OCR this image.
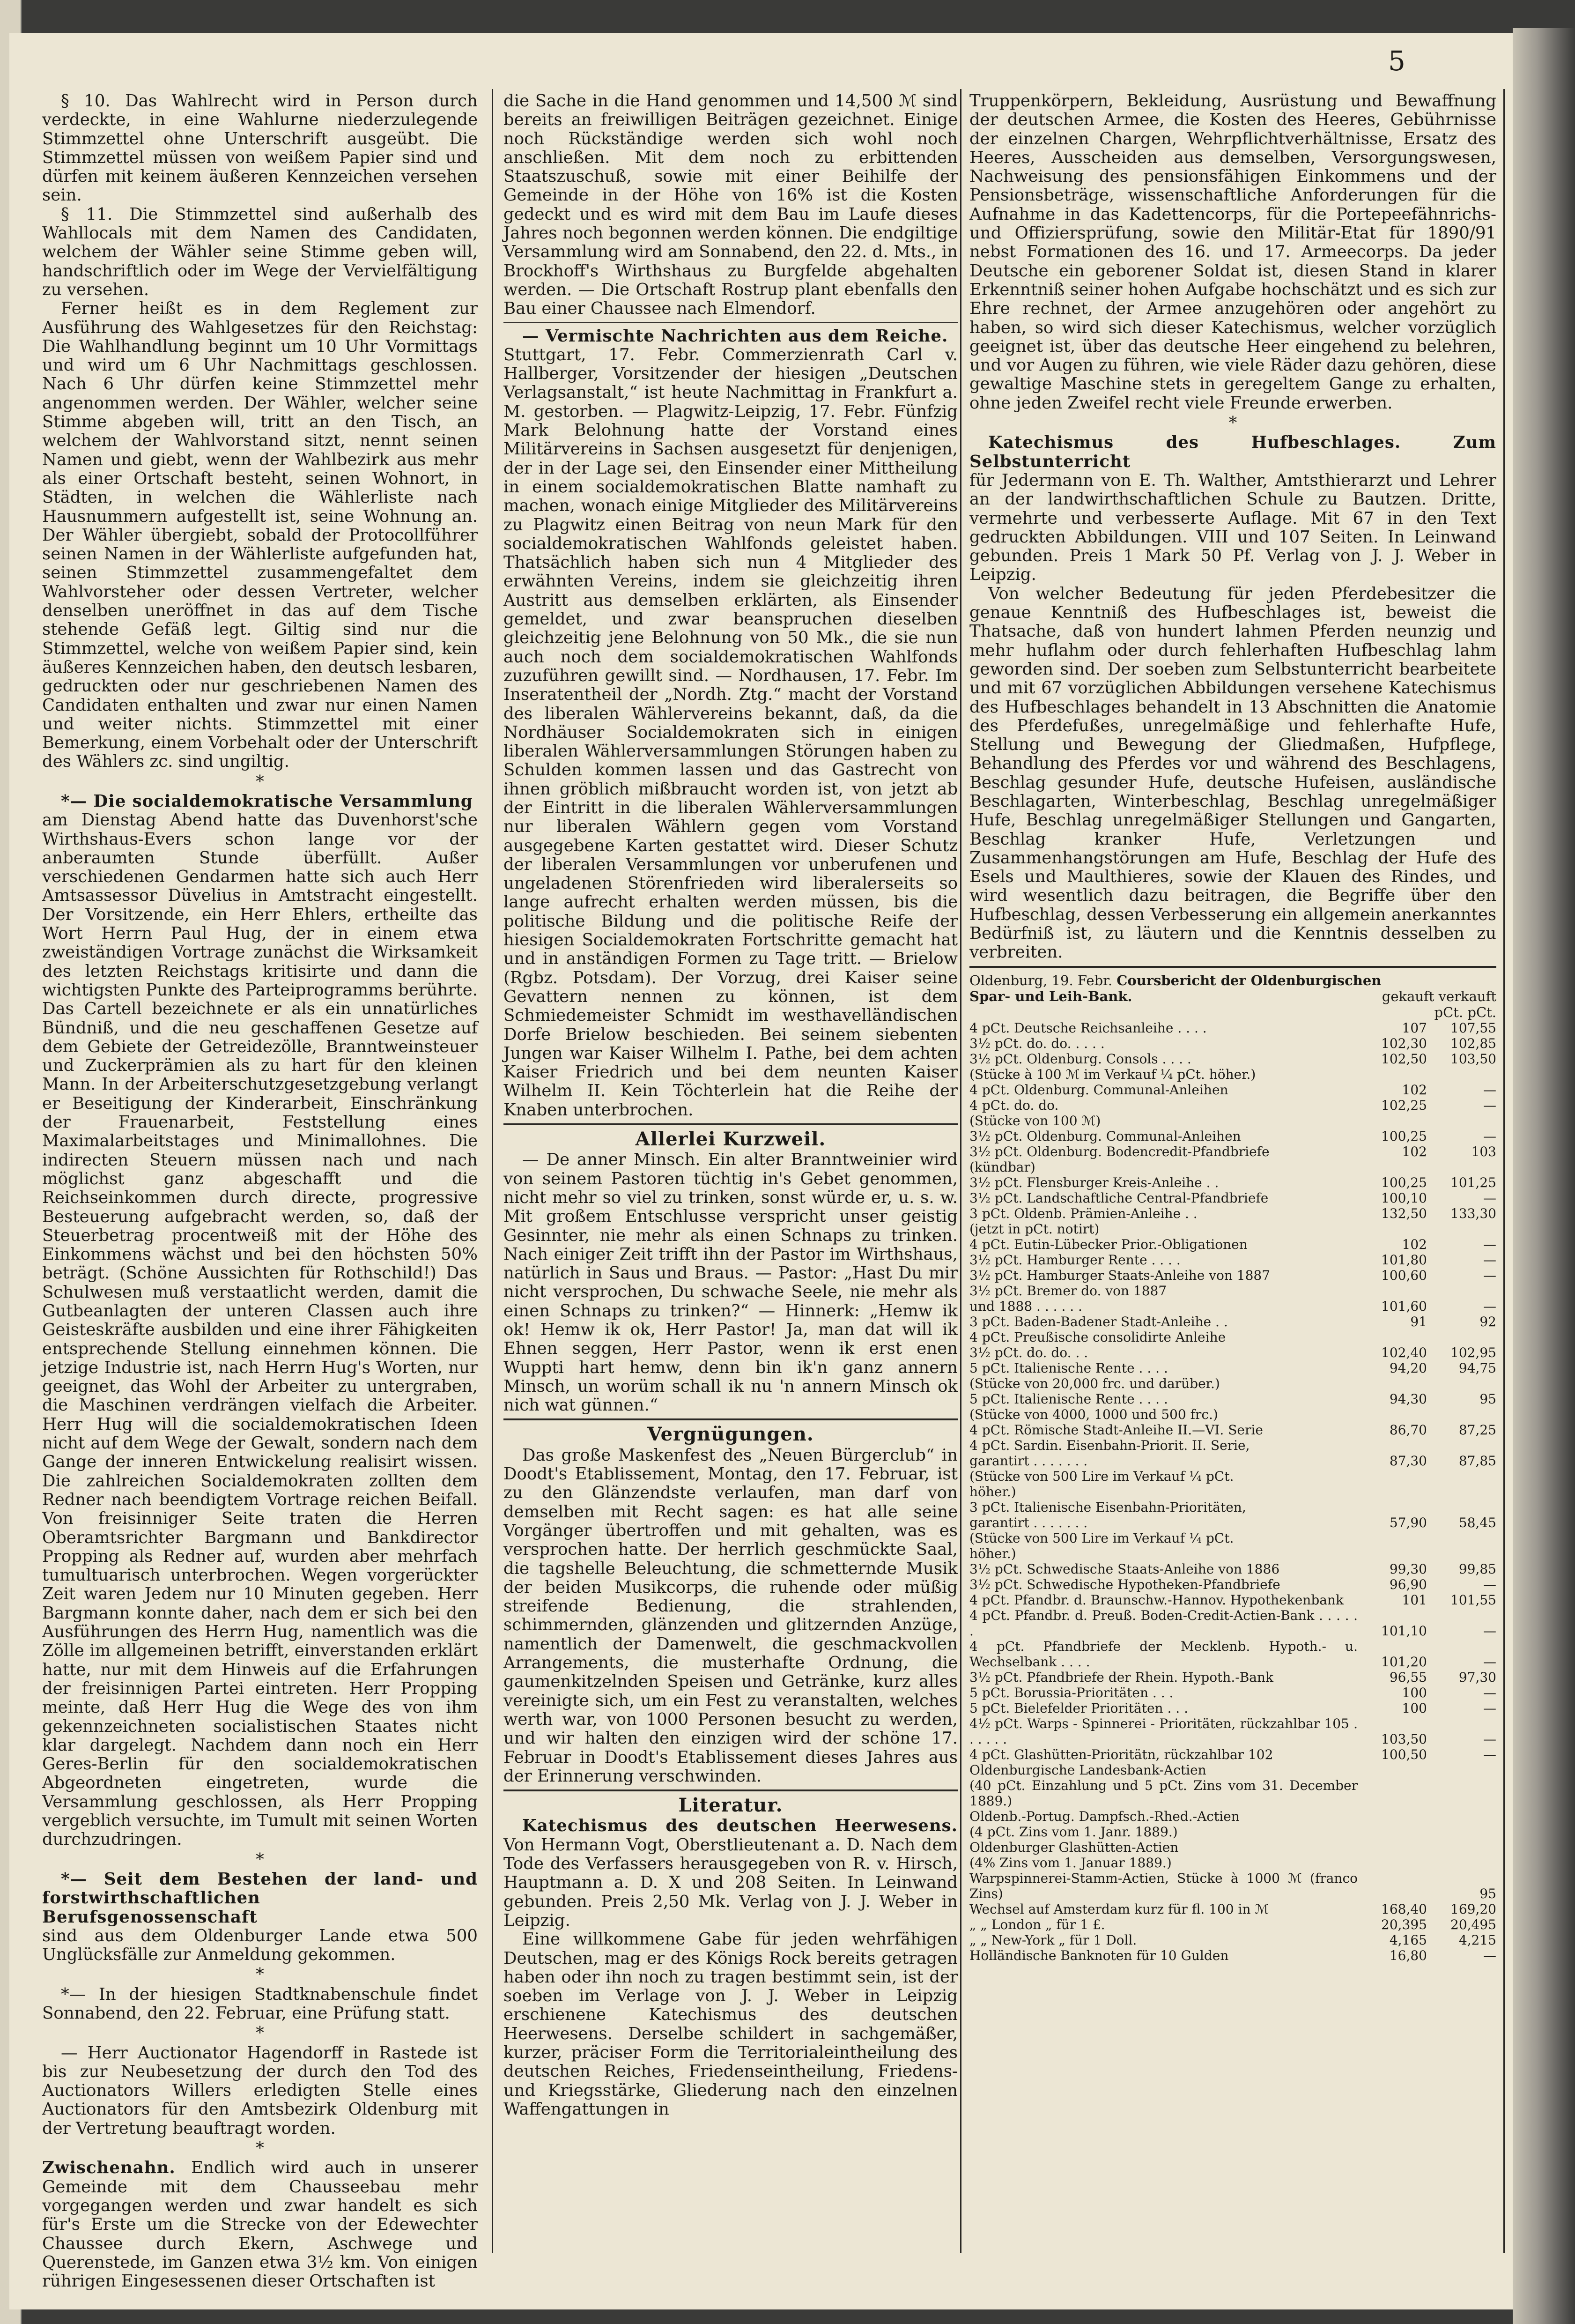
5

§ 10. Das Wahlrecht wird in Person durch verdeckte, in eine Wahlurne niederzulegende Stimmzettel ohne Unterschrift ausgeübt. Die Stimmzettel müssen von weißem Papier sind und dürfen mit keinem äußeren Kennzeichen versehen sein.

§ 11. Die Stimmzettel sind außerhalb des Wahllocals mit dem Namen des Candidaten, welchem der Wähler seine Stimme geben will, handschriftlich oder im Wege der Vervielfältigung zu versehen.

Ferner heißt es in dem Reglement zur Ausführung des Wahlgesetzes für den Reichstag: Die Wahlhandlung beginnt um 10 Uhr Vormittags und wird um 6 Uhr Nachmittags geschlossen. Nach 6 Uhr dürfen keine Stimmzettel mehr angenommen werden. Der Wähler, welcher seine Stimme abgeben will, tritt an den Tisch, an welchem der Wahlvorstand sitzt, nennt seinen Namen und giebt, wenn der Wahlbezirk aus mehr als einer Ortschaft besteht, seinen Wohnort, in Städten, in welchen die Wählerliste nach Hausnummern aufgestellt ist, seine Wohnung an. Der Wähler übergiebt, sobald der Protocollführer seinen Namen in der Wählerliste aufgefunden hat, seinen Stimmzettel zusammengefaltet dem Wahlvorsteher oder dessen Vertreter, welcher denselben uneröffnet in das auf dem Tische stehende Gefäß legt. Giltig sind nur die Stimmzettel, welche von weißem Papier sind, kein äußeres Kennzeichen haben, den deutsch lesbaren, gedruckten oder nur geschriebenen Namen des Candidaten enthalten und zwar nur einen Namen und weiter nichts. Stimmzettel mit einer Bemerkung, einem Vorbehalt oder der Unterschrift des Wählers zc. sind ungiltig.

*

*— Die socialdemokratische Versammlung

am Dienstag Abend hatte das Duvenhorst'sche Wirthshaus-Evers schon lange vor der anberaumten Stunde überfüllt. Außer verschiedenen Gendarmen hatte sich auch Herr Amtsassessor Düvelius in Amtstracht eingestellt. Der Vorsitzende, ein Herr Ehlers, ertheilte das Wort Herrn Paul Hug, der in einem etwa zweiständigen Vortrage zunächst die Wirksamkeit des letzten Reichstags kritisirte und dann die wichtigsten Punkte des Parteiprogramms berührte. Das Cartell bezeichnete er als ein unnatürliches Bündniß, und die neu geschaffenen Gesetze auf dem Gebiete der Getreidezölle, Branntweinsteuer und Zuckerprämien als zu hart für den kleinen Mann. In der Arbeiterschutzgesetzgebung verlangt er Beseitigung der Kinderarbeit, Einschränkung der Frauenarbeit, Feststellung eines Maximalarbeitstages und Minimallohnes. Die indirecten Steuern müssen nach und nach möglichst ganz abgeschafft und die Reichseinkommen durch directe, progressive Besteuerung aufgebracht werden, so, daß der Steuerbetrag procentweiß mit der Höhe des Einkommens wächst und bei den höchsten 50% beträgt. (Schöne Aussichten für Rothschild!) Das Schulwesen muß verstaatlicht werden, damit die Gutbeanlagten der unteren Classen auch ihre Geisteskräfte ausbilden und eine ihrer Fähigkeiten entsprechende Stellung einnehmen können. Die jetzige Industrie ist, nach Herrn Hug's Worten, nur geeignet, das Wohl der Arbeiter zu untergraben, die Maschinen verdrängen vielfach die Arbeiter. Herr Hug will die socialdemokratischen Ideen nicht auf dem Wege der Gewalt, sondern nach dem Gange der inneren Entwickelung realisirt wissen. Die zahlreichen Socialdemokraten zollten dem Redner nach beendigtem Vortrage reichen Beifall. Von freisinniger Seite traten die Herren Oberamtsrichter Bargmann und Bankdirector Propping als Redner auf, wurden aber mehrfach tumultuarisch unterbrochen. Wegen vorgerückter Zeit waren Jedem nur 10 Minuten gegeben. Herr Bargmann konnte daher, nach dem er sich bei den Ausführungen des Herrn Hug, namentlich was die Zölle im allgemeinen betrifft, einverstanden erklärt hatte, nur mit dem Hinweis auf die Erfahrungen der freisinnigen Partei eintreten. Herr Propping meinte, daß Herr Hug die Wege des von ihm gekennzeichneten socialistischen Staates nicht klar dargelegt. Nachdem dann noch ein Herr Geres-Berlin für den socialdemokratischen Abgeordneten eingetreten, wurde die Versammlung geschlossen, als Herr Propping vergeblich versuchte, im Tumult mit seinen Worten durchzudringen.

*

*— Seit dem Bestehen der land- und forstwirthschaftlichen Berufsgenossenschaft

sind aus dem Oldenburger Lande etwa 500 Unglücksfälle zur Anmeldung gekommen.

*

*— In der hiesigen Stadtknabenschule findet Sonnabend, den 22. Februar, eine Prüfung statt.

*

— Herr Auctionator Hagendorff in Rastede ist bis zur Neubesetzung der durch den Tod des Auctionators Willers erledigten Stelle eines Auctionators für den Amtsbezirk Oldenburg mit der Vertretung beauftragt worden.

*

Zwischenahn. Endlich wird auch in unserer Gemeinde mit dem Chausseebau mehr vorgegangen werden und zwar handelt es sich für's Erste um die Strecke von der Edewechter Chaussee durch Ekern, Aschwege und Querenstede, im Ganzen etwa 3½ km. Von einigen rührigen Eingesessenen dieser Ortschaften ist

die Sache in die Hand genommen und 14,500 ℳ sind bereits an freiwilligen Beiträgen gezeichnet. Einige noch Rückständige werden sich wohl noch anschließen. Mit dem noch zu erbittenden Staatszuschuß, sowie mit einer Beihilfe der Gemeinde in der Höhe von 16% ist die Kosten gedeckt und es wird mit dem Bau im Laufe dieses Jahres noch begonnen werden können. Die endgiltige Versammlung wird am Sonnabend, den 22. d. Mts., in Brockhoff's Wirthshaus zu Burgfelde abgehalten werden. — Die Ortschaft Rostrup plant ebenfalls den Bau einer Chaussee nach Elmendorf.

— Vermischte Nachrichten aus dem Reiche.

Stuttgart, 17. Febr. Commerzienrath Carl v. Hallberger, Vorsitzender der hiesigen „Deutschen Verlagsanstalt,“ ist heute Nachmittag in Frankfurt a. M. gestorben. — Plagwitz-Leipzig, 17. Febr. Fünfzig Mark Belohnung hatte der Vorstand eines Militärvereins in Sachsen ausgesetzt für denjenigen, der in der Lage sei, den Einsender einer Mittheilung in einem socialdemokratischen Blatte namhaft zu machen, wonach einige Mitglieder des Militärvereins zu Plagwitz einen Beitrag von neun Mark für den socialdemokratischen Wahlfonds geleistet haben. Thatsächlich haben sich nun 4 Mitglieder des erwähnten Vereins, indem sie gleichzeitig ihren Austritt aus demselben erklärten, als Einsender gemeldet, und zwar beanspruchen dieselben gleichzeitig jene Belohnung von 50 Mk., die sie nun auch noch dem socialdemokratischen Wahlfonds zuzuführen gewillt sind. — Nordhausen, 17. Febr. Im Inseratentheil der „Nordh. Ztg.“ macht der Vorstand des liberalen Wählervereins bekannt, daß, da die Nordhäuser Socialdemokraten sich in einigen liberalen Wählerversammlungen Störungen haben zu Schulden kommen lassen und das Gastrecht von ihnen gröblich mißbraucht worden ist, von jetzt ab der Eintritt in die liberalen Wählerversammlungen nur liberalen Wählern gegen vom Vorstand ausgegebene Karten gestattet wird. Dieser Schutz der liberalen Versammlungen vor unberufenen und ungeladenen Störenfrieden wird liberalerseits so lange aufrecht erhalten werden müssen, bis die politische Bildung und die politische Reife der hiesigen Socialdemokraten Fortschritte gemacht hat und in anständigen Formen zu Tage tritt. — Brielow (Rgbz. Potsdam). Der Vorzug, drei Kaiser seine Gevattern nennen zu können, ist dem Schmiedemeister Schmidt im westhavelländischen Dorfe Brielow beschieden. Bei seinem siebenten Jungen war Kaiser Wilhelm I. Pathe, bei dem achten Kaiser Friedrich und bei dem neunten Kaiser Wilhelm II. Kein Töchterlein hat die Reihe der Knaben unterbrochen.

Allerlei Kurzweil.

— De anner Minsch. Ein alter Branntweinier wird von seinem Pastoren tüchtig in's Gebet genommen, nicht mehr so viel zu trinken, sonst würde er, u. s. w. Mit großem Entschlusse verspricht unser geistig Gesinnter, nie mehr als einen Schnaps zu trinken. Nach einiger Zeit trifft ihn der Pastor im Wirthshaus, natürlich in Saus und Braus. — Pastor: „Hast Du mir nicht versprochen, Du schwache Seele, nie mehr als einen Schnaps zu trinken?“ — Hinnerk: „Hemw ik ok! Hemw ik ok, Herr Pastor! Ja, man dat will ik Ehnen seggen, Herr Pastor, wenn ik erst enen Wuppti hart hemw, denn bin ik'n ganz annern Minsch, un worüm schall ik nu 'n annern Minsch ok nich wat günnen.“

Vergnügungen.

Das große Maskenfest des „Neuen Bürgerclub“ in Doodt's Etablissement, Montag, den 17. Februar, ist zu den Glänzendste verlaufen, man darf von demselben mit Recht sagen: es hat alle seine Vorgänger übertroffen und mit gehalten, was es versprochen hatte. Der herrlich geschmückte Saal, die tagshelle Beleuchtung, die schmetternde Musik der beiden Musikcorps, die ruhende oder müßig streifende Bedienung, die strahlenden, schimmernden, glänzenden und glitzernden Anzüge, namentlich der Damenwelt, die geschmackvollen Arrangements, die musterhafte Ordnung, die gaumenkitzelnden Speisen und Getränke, kurz alles vereinigte sich, um ein Fest zu veranstalten, welches werth war, von 1000 Personen besucht zu werden, und wir halten den einzigen wird der schöne 17. Februar in Doodt's Etablissement dieses Jahres aus der Erinnerung verschwinden.

Literatur.

Katechismus des deutschen Heerwesens. Von Hermann Vogt, Oberstlieutenant a. D. Nach dem Tode des Verfassers herausgegeben von R. v. Hirsch, Hauptmann a. D. X und 208 Seiten. In Leinwand gebunden. Preis 2,50 Mk. Verlag von J. J. Weber in Leipzig.

Eine willkommene Gabe für jeden wehrfähigen Deutschen, mag er des Königs Rock bereits getragen haben oder ihn noch zu tragen bestimmt sein, ist der soeben im Verlage von J. J. Weber in Leipzig erschienene Katechismus des deutschen Heerwesens. Derselbe schildert in sachgemäßer, kurzer, präciser Form die Territorialeintheilung des deutschen Reiches, Friedenseintheilung, Friedens- und Kriegsstärke, Gliederung nach den einzelnen Waffengattungen in

Truppenkörpern, Bekleidung, Ausrüstung und Bewaffnung der deutschen Armee, die Kosten des Heeres, Gebührnisse der einzelnen Chargen, Wehrpflichtverhältnisse, Ersatz des Heeres, Ausscheiden aus demselben, Versorgungswesen, Nachweisung des pensionsfähigen Einkommens und der Pensionsbeträge, wissenschaftliche Anforderungen für die Aufnahme in das Kadettencorps, für die Portepeefähnrichs- und Offiziersprüfung, sowie den Militär-Etat für 1890/91 nebst Formationen des 16. und 17. Armeecorps. Da jeder Deutsche ein geborener Soldat ist, diesen Stand in klarer Erkenntniß seiner hohen Aufgabe hochschätzt und es sich zur Ehre rechnet, der Armee anzugehören oder angehört zu haben, so wird sich dieser Katechismus, welcher vorzüglich geeignet ist, über das deutsche Heer eingehend zu belehren, und vor Augen zu führen, wie viele Räder dazu gehören, diese gewaltige Maschine stets in geregeltem Gange zu erhalten, ohne jeden Zweifel recht viele Freunde erwerben.

*

Katechismus des Hufbeschlages. Zum Selbstunterricht

für Jedermann von E. Th. Walther, Amtsthierarzt und Lehrer an der landwirthschaftlichen Schule zu Bautzen. Dritte, vermehrte und verbesserte Auflage. Mit 67 in den Text gedruckten Abbildungen. VIII und 107 Seiten. In Leinwand gebunden. Preis 1 Mark 50 Pf. Verlag von J. J. Weber in Leipzig.

Von welcher Bedeutung für jeden Pferdebesitzer die genaue Kenntniß des Hufbeschlages ist, beweist die Thatsache, daß von hundert lahmen Pferden neunzig und mehr huflahm oder durch fehlerhaften Hufbeschlag lahm geworden sind. Der soeben zum Selbstunterricht bearbeitete und mit 67 vorzüglichen Abbildungen versehene Katechismus des Hufbeschlages behandelt in 13 Abschnitten die Anatomie des Pferdefußes, unregelmäßige und fehlerhafte Hufe, Stellung und Bewegung der Gliedmaßen, Hufpflege, Behandlung des Pferdes vor und während des Beschlagens, Beschlag gesunder Hufe, deutsche Hufeisen, ausländische Beschlagarten, Winterbeschlag, Beschlag unregelmäßiger Hufe, Beschlag unregelmäßiger Stellungen und Gangarten, Beschlag kranker Hufe, Verletzungen und Zusammenhangstörungen am Hufe, Beschlag der Hufe des Esels und Maulthieres, sowie der Klauen des Rindes, und wird wesentlich dazu beitragen, die Begriffe über den Hufbeschlag, dessen Verbesserung ein allgemein anerkanntes Bedürfniß ist, zu läutern und die Kenntnis desselben zu verbreiten.

Oldenburg, 19. Febr. Coursbericht der Oldenburgischen
Spar- und Leih-Bank.	gekauft verkauft
pCt. pCt.
4 pCt. Deutsche Reichsanleihe . . . .	107	107,55
3½ pCt. do. do. . . . .	102,30	102,85
3½ pCt. Oldenburg. Consols . . . .	102,50	103,50
(Stücke à 100 ℳ im Verkauf ¼ pCt. höher.)		
4 pCt. Oldenburg. Communal-Anleihen	102	—
4 pCt. do. do.	102,25	—
(Stücke von 100 ℳ)		
3½ pCt. Oldenburg. Communal-Anleihen	100,25	—
3½ pCt. Oldenburg. Bodencredit-Pfandbriefe	102	103
(kündbar)		
3½ pCt. Flensburger Kreis-Anleihe . .	100,25	101,25
3½ pCt. Landschaftliche Central-Pfandbriefe	100,10	—
3 pCt. Oldenb. Prämien-Anleihe . .	132,50	133,30
(jetzt in pCt. notirt)		
4 pCt. Eutin-Lübecker Prior.-Obligationen	102	—
3½ pCt. Hamburger Rente . . . .	101,80	—
3½ pCt. Hamburger Staats-Anleihe von 1887	100,60	—
3½ pCt. Bremer do. von 1887		
und 1888 . . . . . .	101,60	—
3 pCt. Baden-Badener Stadt-Anleihe . .	91	92
4 pCt. Preußische consolidirte Anleihe		
3½ pCt. do. do. . .	102,40	102,95
5 pCt. Italienische Rente . . . .	94,20	94,75
(Stücke von 20,000 frc. und darüber.)		
5 pCt. Italienische Rente . . . .	94,30	95
(Stücke von 4000, 1000 und 500 frc.)		
4 pCt. Römische Stadt-Anleihe II.—VI. Serie	86,70	87,25
4 pCt. Sardin. Eisenbahn-Priorit. II. Serie,		
garantirt . . . . . . .	87,30	87,85
(Stücke von 500 Lire im Verkauf ¼ pCt.		
höher.)		
3 pCt. Italienische Eisenbahn-Prioritäten,		
garantirt . . . . . . .	57,90	58,45
(Stücke von 500 Lire im Verkauf ¼ pCt.		
höher.)		
3½ pCt. Schwedische Staats-Anleihe von 1886	99,30	99,85
3½ pCt. Schwedische Hypotheken-Pfandbriefe	96,90	—
4 pCt. Pfandbr. d. Braunschw.-Hannov. Hypothekenbank	101	101,55
4 pCt. Pfandbr. d. Preuß. Boden-Credit-Actien-Bank . . . . . .	101,10	—
4 pCt. Pfandbriefe der Mecklenb. Hypoth.- u. Wechselbank . . . .	101,20	—
3½ pCt. Pfandbriefe der Rhein. Hypoth.-Bank	96,55	97,30
5 pCt. Borussia-Prioritäten . . .	100	—
5 pCt. Bielefelder Prioritäten . . .	100	—
4½ pCt. Warps - Spinnerei - Prioritäten, rückzahlbar 105 . . . . . .	103,50	—
4 pCt. Glashütten-Prioritätn, rückzahlbar 102	100,50	—
Oldenburgische Landesbank-Actien		
(40 pCt. Einzahlung und 5 pCt. Zins vom 31. December 1889.)		
Oldenb.-Portug. Dampfsch.-Rhed.-Actien		
(4 pCt. Zins vom 1. Janr. 1889.)		
Oldenburger Glashütten-Actien		
(4% Zins vom 1. Januar 1889.)		
Warpspinnerei-Stamm-Actien, Stücke à 1000 ℳ (franco Zins)		95
Wechsel auf Amsterdam kurz für fl. 100 in ℳ	168,40	169,20
„ „ London „ für 1 £.	20,395	20,495
„ „ New-York „ für 1 Doll.	4,165	4,215
Holländische Banknoten für 10 Gulden	16,80	—
